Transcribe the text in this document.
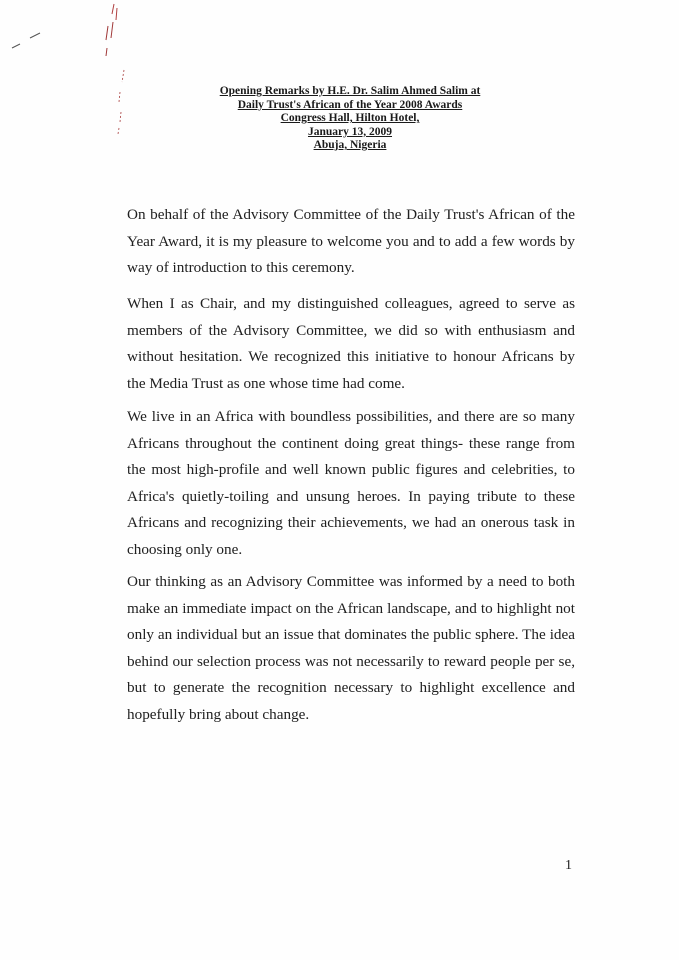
Opening Remarks by H.E. Dr. Salim Ahmed Salim at
Daily Trust's African of the Year 2008 Awards
Congress Hall, Hilton Hotel,
January 13, 2009
Abuja, Nigeria

On behalf of the Advisory Committee of the Daily Trust's African of the Year Award, it is my pleasure to welcome you and to add a few words by way of introduction to this ceremony.

When I as Chair, and my distinguished colleagues, agreed to serve as members of the Advisory Committee, we did so with enthusiasm and without hesitation. We recognized this initiative to honour Africans by the Media Trust as one whose time had come.

We live in an Africa with boundless possibilities, and there are so many Africans throughout the continent doing great things- these range from the most high-profile and well known public figures and celebrities, to Africa's quietly-toiling and unsung heroes. In paying tribute to these Africans and recognizing their achievements, we had an onerous task in choosing only one.

Our thinking as an Advisory Committee was informed by a need to both make an immediate impact on the African landscape, and to highlight not only an individual but an issue that dominates the public sphere. The idea behind our selection process was not necessarily to reward people per se, but to generate the recognition necessary to highlight excellence and hopefully bring about change.

1
